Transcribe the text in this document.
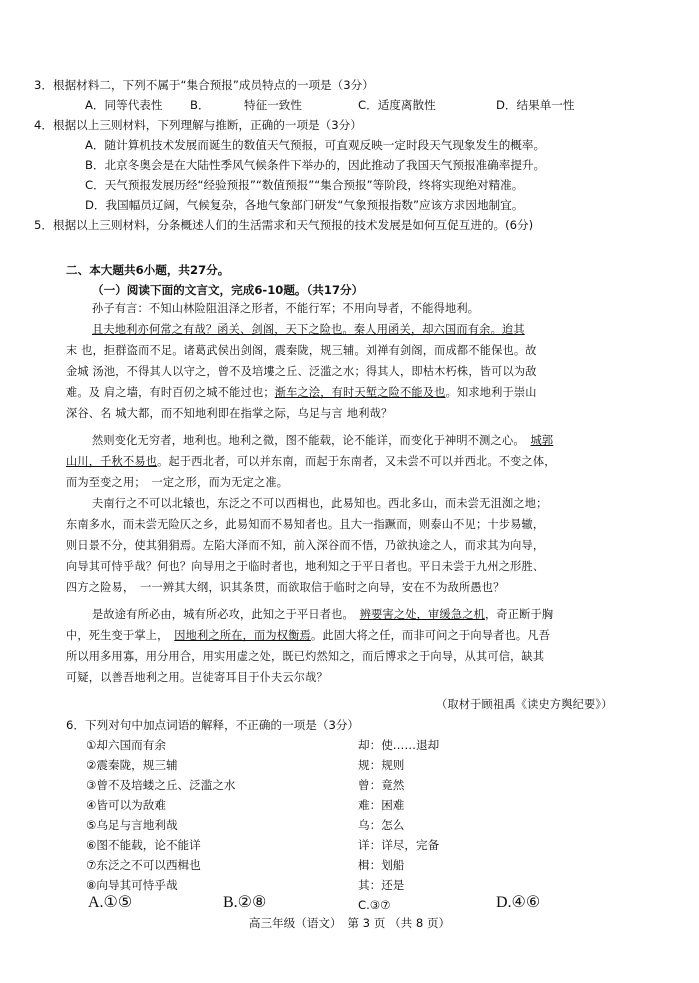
3．根据材料二，下列不属于“集合预报”成员特点的一项是（3分）
A．同等代表性 B．	特征一致性	C．适度离散性	D．结果单一性
4．根据以上三则材料，下列理解与推断，正确的一项是（3分）
A．随计算机技术发展而诞生的数值天气预报，可直观反映一定时段天气现象发生的概率。
B．北京冬奥会是在大陆性季风气候条件下举办的，因此推动了我国天气预报准确率提升。
C．天气预报发展历经“经验预报”“数值预报”“集合预报”等阶段，终将实现绝对精准。
D．我国幅员辽阔，气候复杂，各地气象部门研发“气象预报指数”应该方求因地制宜。
5．根据以上三则材料，分条概述人们的生活需求和天气预报的技术发展是如何互促互进的。(6分)
二、本大题共6小题，共27分。
（一）阅读下面的文言文，完成6-10题。（共17分）
孙子有言：不知山林险阻沮泽之形者，不能行军；不用向导者，不能得地利。
且夫地利亦何常之有哉？函关、剑阁，天下之险也。秦人用函关，却六国而有余。迨其
末 也，拒群盗而不足。诸葛武侯出剑阁，震秦陇，规三辅。刘禅有剑阁，而成都不能保也。故
金城 汤池，不得其人以守之，曾不及培塿之丘、泛滥之水；得其人，即枯木朽株，皆可以为敌
难。及 肩之墙，有时百仞之城不能过也；渐车之浍，有时天堑之险不能及也。知求地利于崇山
深谷、名 城大都，而不知地利即在指掌之际，乌足与言 地利哉？
然则变化无穷者，地利也。地利之微，图不能载，论不能详，而变化于神明不测之心。　 城郭
山川，千秋不易也。起于西北者，可以并东南，而起于东南者，又未尝不可以并西北。不变之体，
而为至变之用；　一定之形，而为无定之准。
夫南行之不可以北辕也，东泛之不可以西楫也，此易知也。西北多山，而未尝无沮洳之地；
东南多水，而未尝无险仄之乡，此易知而不易知者也。且大一指蹶而，则泰山不见；十步易辙，
则日景不分，使其狷狷焉。左陷大泽而不知，前入深谷而不悟，乃欲执途之人，而求其为向导，
向导其可恃乎哉？何也？向导用之于临时者也，地利知之于平日者也。平日未尝于九州之形胜、
四方之险易，　一一辨其大纲，识其条贯，而欲取信于临时之向导，安在不为敌所愚也？
是故途有所必由，城有所必攻，此知之于平日者也。　 辨要害之处，审缓急之机，奇正断于胸
中，死生变于掌上，　 因地利之所在，而为权衡焉。此固大将之任，而非可问之于向导者也。凡吾
所以用多用寡，用分用合，用实用虚之处，既已灼然知之，而后博求之于向导，从其可信，缺其
可疑，以善吾地利之用。岂徒寄耳目于仆夫云尔哉？
（取材于顾祖禹《读史方舆纪要》）
6．下列对句中加点词语的解释，不正确的一项是（3分）
①却六国而有余	却：使……退却
②震秦陇，规三辅	规：规则
③曾不及培蝼之丘、泛滥之水	曾：竟然
④皆可以为敌难	难：困难
⑤乌足与言地利哉	乌：怎么
⑥图不能载，论不能详	详：详尽，完备
⑦东泛之不可以西楫也	楫：划船
⑧向导其可恃乎哉	其：还是
A.①⑤	B.②⑧	C.③⑦	D.④⑥
高三年级（语文）　第 3 页 （共 8 页）
